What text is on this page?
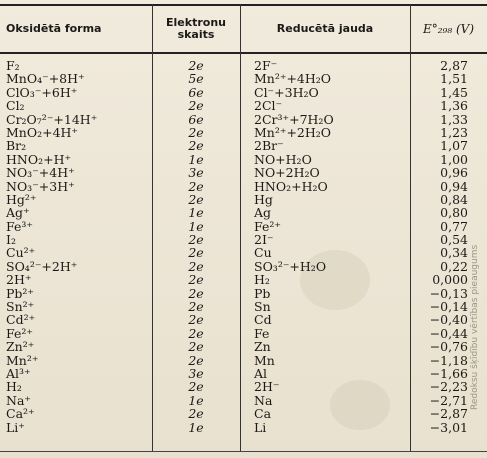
Oksidētā forma	Elektronu
skaits	Reducētā jauda	E°₂₉₈ (V)
F₂	2e	2F⁻	2,87
MnO₄⁻+8H⁺	5e	Mn²⁺+4H₂O	1,51
ClO₃⁻+6H⁺	6e	Cl⁻+3H₂O	1,45
Cl₂	2e	2Cl⁻	1,36
Cr₂O₇²⁻+14H⁺	6e	2Cr³⁺+7H₂O	1,33
MnO₂+4H⁺	2e	Mn²⁺+2H₂O	1,23
Br₂	2e	2Br⁻	1,07
HNO₂+H⁺	1e	NO+H₂O	1,00
NO₃⁻+4H⁺	3e	NO+2H₂O	0,96
NO₃⁻+3H⁺	2e	HNO₂+H₂O	0,94
Hg²⁺	2e	Hg	0,84
Ag⁺	1e	Ag	0,80
Fe³⁺	1e	Fe²⁺	0,77
I₂	2e	2I⁻	0,54
Cu²⁺	2e	Cu	0,34
SO₄²⁻+2H⁺	2e	SO₃²⁻+H₂O	0,22
2H⁺	2e	H₂	0,000
Pb²⁺	2e	Pb	−0,13
Sn²⁺	2e	Sn	−0,14
Cd²⁺	2e	Cd	−0,40
Fe²⁺	2e	Fe	−0,44
Zn²⁺	2e	Zn	−0,76
Mn²⁺	2e	Mn	−1,18
Al³⁺	3e	Al	−1,66
H₂	2e	2H⁻	−2,23
Na⁺	1e	Na	−2,71
Ca²⁺	2e	Ca	−2,87
Li⁺	1e	Li	−3,01
Redoksu šķīdību vērtības pieaugums
